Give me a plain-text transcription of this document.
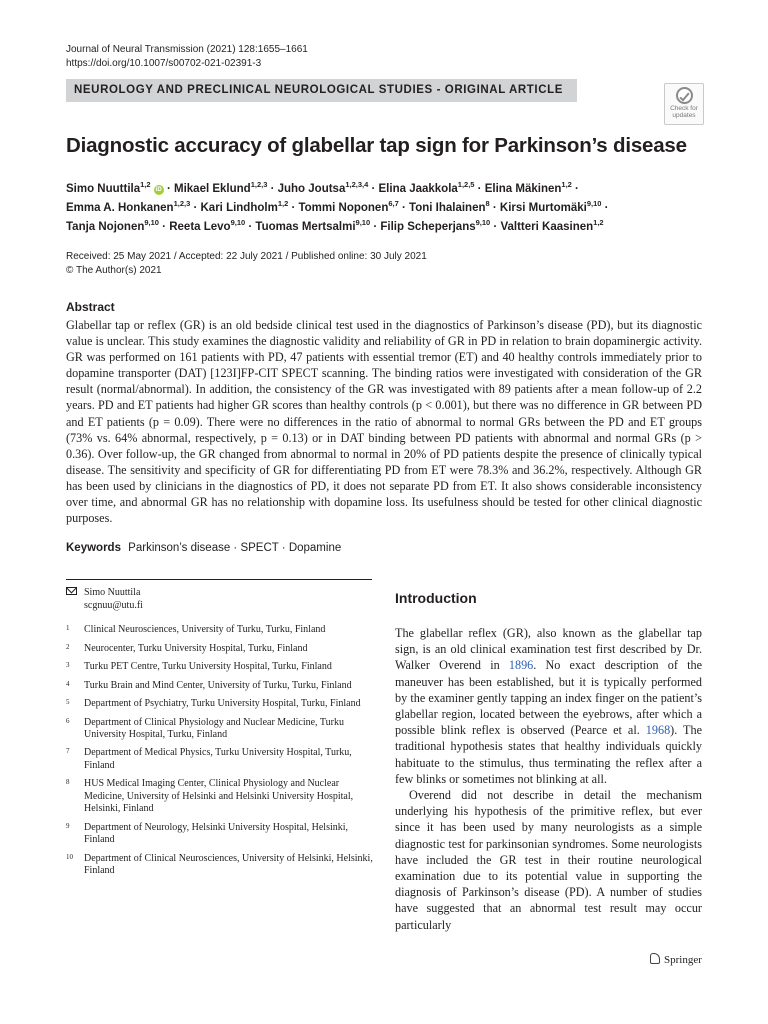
Journal of Neural Transmission (2021) 128:1655–1661
https://doi.org/10.1007/s00702-021-02391-3
NEUROLOGY AND PRECLINICAL NEUROLOGICAL STUDIES - ORIGINAL ARTICLE
Check for
updates
Diagnostic accuracy of glabellar tap sign for Parkinson’s disease
Simo Nuuttila$^{1,2}$ iD · Mikael Eklund$^{1,2,3}$ · Juho Joutsa$^{1,2,3,4}$ · Elina Jaakkola$^{1,2,5}$ · Elina Mäkinen$^{1,2}$ ·
Emma A. Honkanen$^{1,2,3}$ · Kari Lindholm$^{1,2}$ · Tommi Noponen$^{6,7}$ · Toni Ihalainen$^8$ · Kirsi Murtomäki$^{9,10}$ ·
Tanja Nojonen$^{9,10}$ · Reeta Levo$^{9,10}$ · Tuomas Mertsalmi$^{9,10}$ · Filip Scheperjans$^{9,10}$ · Valtteri Kaasinen$^{1,2}$
Received: 25 May 2021 / Accepted: 22 July 2021 / Published online: 30 July 2021
© The Author(s) 2021
Abstract
Glabellar tap or reflex (GR) is an old bedside clinical test used in the diagnostics of Parkinson’s disease (PD), but its diagnostic value is unclear. This study examines the diagnostic validity and reliability of GR in PD in relation to brain dopaminergic activity. GR was performed on 161 patients with PD, 47 patients with essential tremor (ET) and 40 healthy controls immediately prior to dopamine transporter (DAT) [123I]FP-CIT SPECT scanning. The binding ratios were investigated with consideration of the GR result (normal/abnormal). In addition, the consistency of the GR was investigated with 89 patients after a mean follow-up of 2.2 years. PD and ET patients had higher GR scores than healthy controls (p < 0.001), but there was no difference in GR between PD and ET patients (p = 0.09). There were no differences in the ratio of abnormal to normal GRs between the PD and ET groups (73% vs. 64% abnormal, respectively, p = 0.13) or in DAT binding between PD patients with abnormal and normal GRs (p > 0.36). Over follow-up, the GR changed from abnormal to normal in 20% of PD patients despite the presence of clinically typical disease. The sensitivity and specificity of GR for differentiating PD from ET were 78.3% and 36.2%, respectively. Although GR has been used by clinicians in the diagnostics of PD, it does not separate PD from ET. It also shows considerable inconsistency over time, and abnormal GR has no relationship with dopamine loss. Its usefulness should be tested for other clinical diagnostic purposes.
Keywords Parkinson’s disease · SPECT · Dopamine
Simo Nuuttila
scgnuu@utu.fi
1 Clinical Neurosciences, University of Turku, Turku, Finland
2 Neurocenter, Turku University Hospital, Turku, Finland
3 Turku PET Centre, Turku University Hospital, Turku, Finland
4 Turku Brain and Mind Center, University of Turku, Turku, Finland
5 Department of Psychiatry, Turku University Hospital, Turku, Finland
6 Department of Clinical Physiology and Nuclear Medicine, Turku University Hospital, Turku, Finland
7 Department of Medical Physics, Turku University Hospital, Turku, Finland
8 HUS Medical Imaging Center, Clinical Physiology and Nuclear Medicine, University of Helsinki and Helsinki University Hospital, Helsinki, Finland
9 Department of Neurology, Helsinki University Hospital, Helsinki, Finland
10 Department of Clinical Neurosciences, University of Helsinki, Helsinki, Finland
Introduction

The glabellar reflex (GR), also known as the glabellar tap sign, is an old clinical examination test first described by Dr. Walker Overend in 1896. No exact description of the maneuver has been established, but it is typically performed by the examiner gently tapping an index finger on the patient’s glabellar region, located between the eyebrows, after which a possible blink reflex is observed (Pearce et al. 1968). The traditional hypothesis states that healthy individuals quickly habituate to the stimulus, thus terminating the reflex after a few blinks or sometimes not blinking at all.

Overend did not describe in detail the mechanism underlying his hypothesis of the primitive reflex, but ever since it has been used by many neurologists as a simple diagnostic test for parkinsonian syndromes. Some neurologists have included the GR test in their routine neurological examination due to its potential value in supporting the diagnosis of Parkinson’s disease (PD). A number of studies have suggested that an abnormal test result may occur particularly

Springer
